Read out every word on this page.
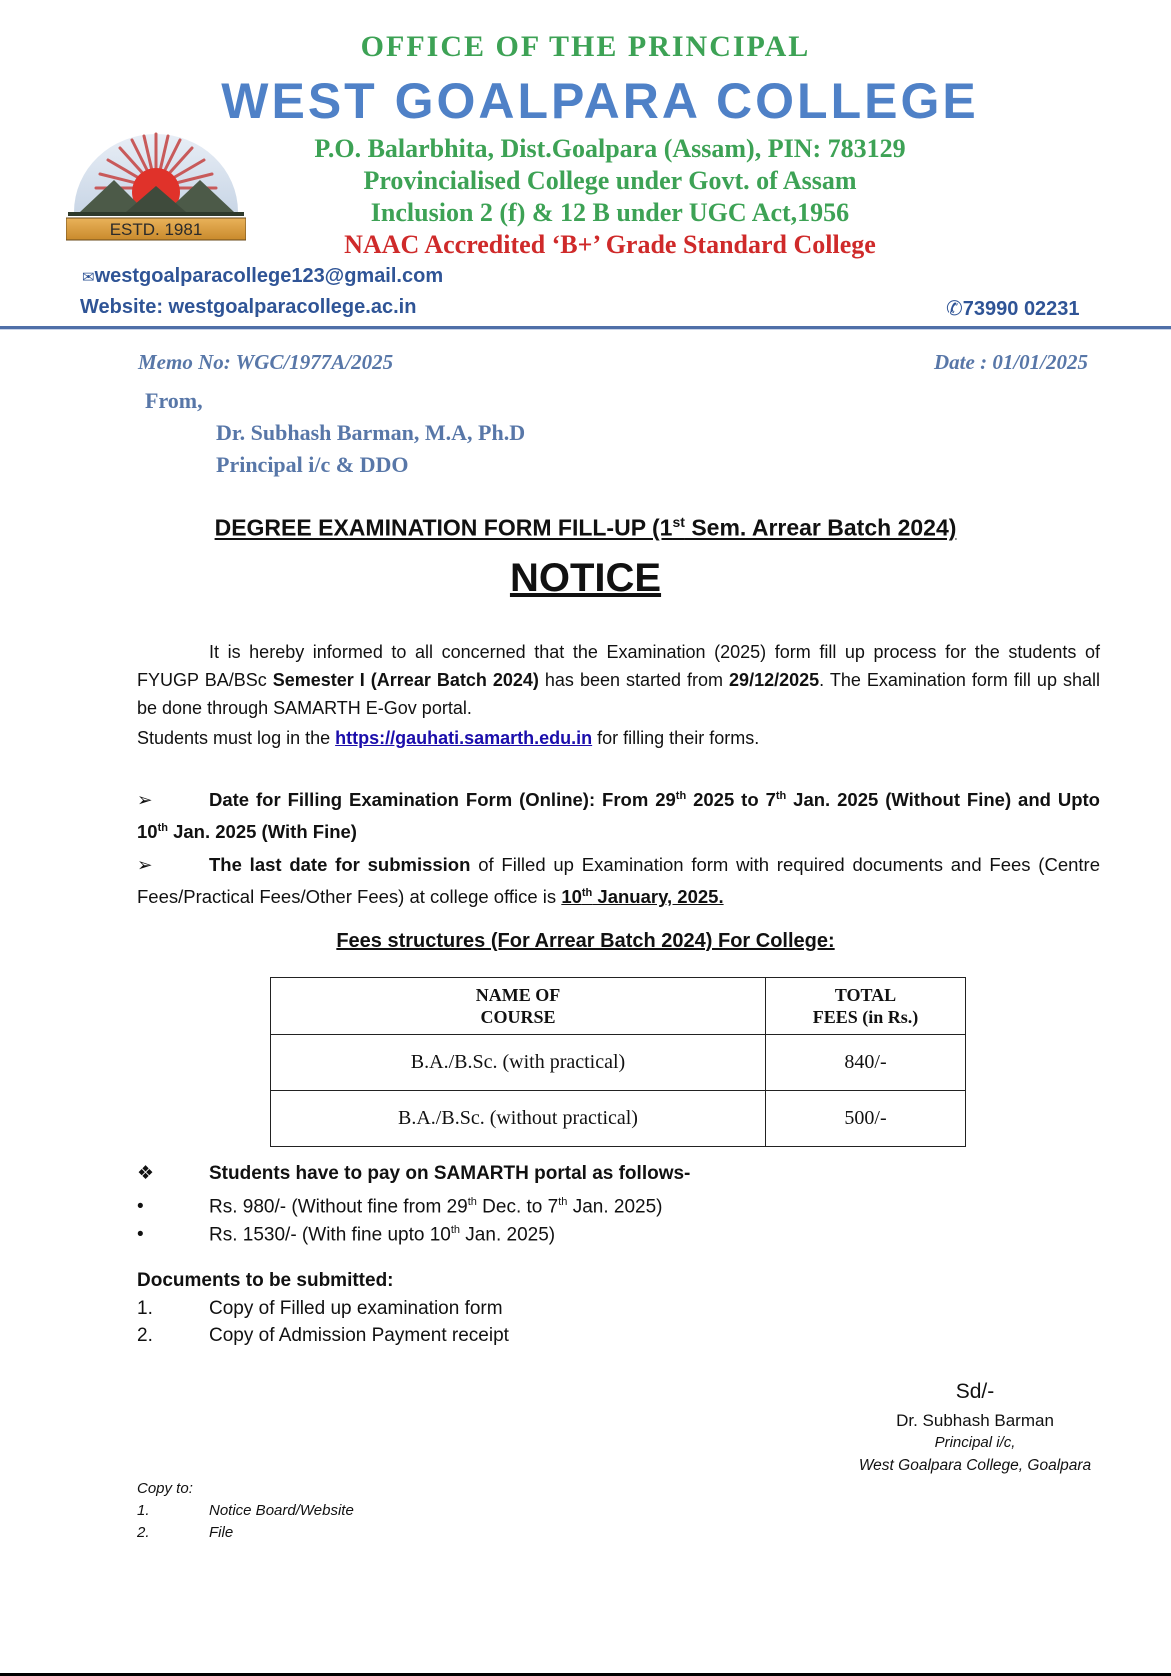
OFFICE OF THE PRINCIPAL
WEST GOALPARA COLLEGE
ESTD. 1981
P.O. Balarbhita, Dist.Goalpara (Assam), PIN: 783129
Provincialised College under Govt. of Assam
Inclusion 2 (f) & 12 B under UGC Act,1956
NAAC Accredited ‘B+’ Grade Standard College
✉westgoalparacollege123@gmail.com
Website: westgoalparacollege.ac.in	✆73990 02231
Memo No: WGC/1977A/2025	Date : 01/01/2025
From,
Dr. Subhash Barman, M.A, Ph.D
Principal i/c & DDO
DEGREE EXAMINATION FORM FILL-UP (1st Sem. Arrear Batch 2024)
NOTICE
It is hereby informed to all concerned that the Examination (2025) form fill up process for the students of FYUGP BA/BSc Semester I (Arrear Batch 2024) has been started from 29/12/2025. The Examination form fill up shall be done through SAMARTH E-Gov portal.
Students must log in the https://gauhati.samarth.edu.in for filling their forms.
➢	Date for Filling Examination Form (Online): From 29th 2025 to 7th Jan. 2025 (Without Fine) and Upto 10th Jan. 2025 (With Fine)
➢	The last date for submission of Filled up Examination form with required documents and Fees (Centre Fees/Practical Fees/Other Fees) at college office is 10th January, 2025.
Fees structures (For Arrear Batch 2024) For College:
NAME OF
COURSE	TOTAL
FEES (in Rs.)
B.A./B.Sc. (with practical)	840/-
B.A./B.Sc. (without practical)	500/-
❖	Students have to pay on SAMARTH portal as follows-
•	Rs. 980/- (Without fine from 29th Dec. to 7th Jan. 2025)
•	Rs. 1530/- (With fine upto 10th Jan. 2025)
Documents to be submitted:
1.	Copy of Filled up examination form
2.	Copy of Admission Payment receipt
Sd/-
Dr. Subhash Barman
Principal i/c,
West Goalpara College, Goalpara
Copy to:
1.	Notice Board/Website
2.	File
